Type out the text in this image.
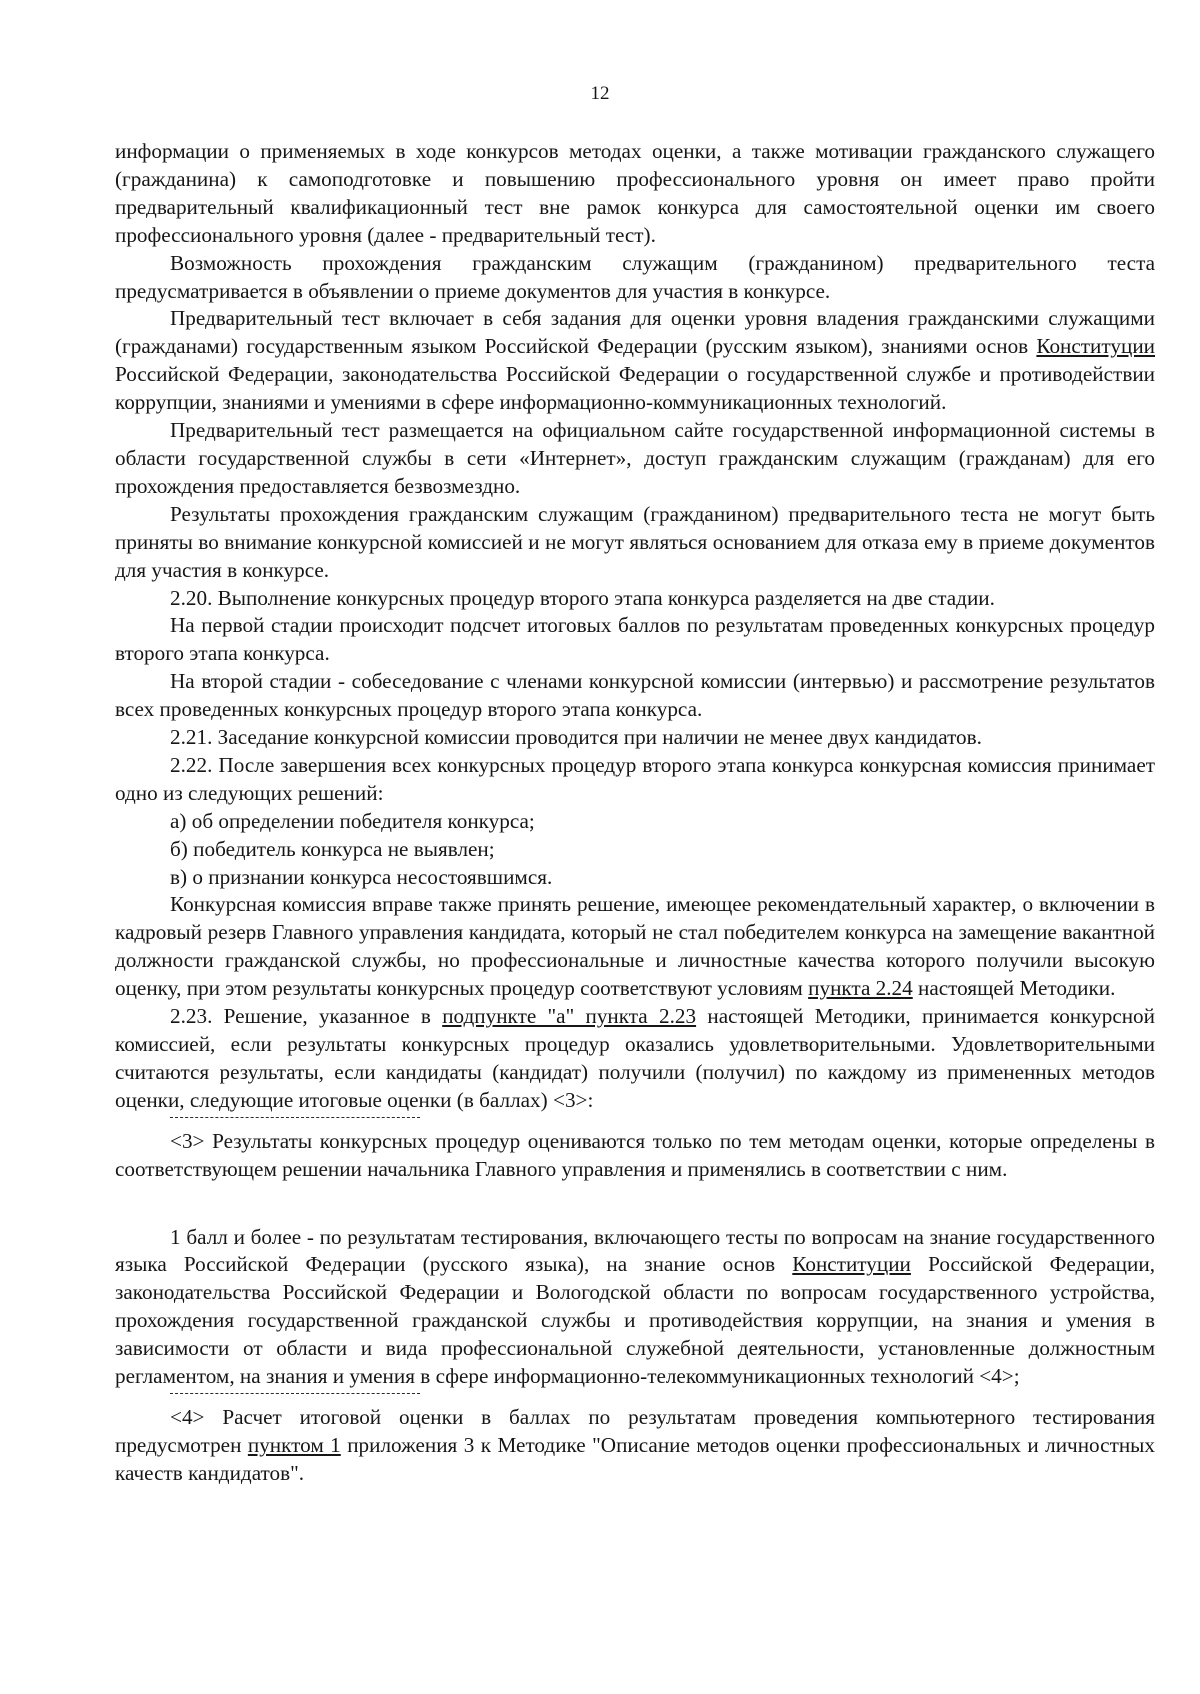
12

информации о применяемых в ходе конкурсов методах оценки, а также мотивации гражданского служащего (гражданина) к самоподготовке и повышению профессионального уровня он имеет право пройти предварительный квалификационный тест вне рамок конкурса для самостоятельной оценки им своего профессионального уровня (далее - предварительный тест).

Возможность прохождения гражданским служащим (гражданином) предварительного теста предусматривается в объявлении о приеме документов для участия в конкурсе.

Предварительный тест включает в себя задания для оценки уровня владения гражданскими служащими (гражданами) государственным языком Российской Федерации (русским языком), знаниями основ Конституции Российской Федерации, законодательства Российской Федерации о государственной службе и противодействии коррупции, знаниями и умениями в сфере информационно-коммуникационных технологий.

Предварительный тест размещается на официальном сайте государственной информационной системы в области государственной службы в сети «Интернет», доступ гражданским служащим (гражданам) для его прохождения предоставляется безвозмездно.

Результаты прохождения гражданским служащим (гражданином) предварительного теста не могут быть приняты во внимание конкурсной комиссией и не могут являться основанием для отказа ему в приеме документов для участия в конкурсе.

2.20. Выполнение конкурсных процедур второго этапа конкурса разделяется на две стадии.

На первой стадии происходит подсчет итоговых баллов по результатам проведенных конкурсных процедур второго этапа конкурса.

На второй стадии - собеседование с членами конкурсной комиссии (интервью) и рассмотрение результатов всех проведенных конкурсных процедур второго этапа конкурса.

2.21. Заседание конкурсной комиссии проводится при наличии не менее двух кандидатов.

2.22. После завершения всех конкурсных процедур второго этапа конкурса конкурсная комиссия принимает одно из следующих решений:

а) об определении победителя конкурса;

б) победитель конкурса не выявлен;

в) о признании конкурса несостоявшимся.

Конкурсная комиссия вправе также принять решение, имеющее рекомендательный характер, о включении в кадровый резерв Главного управления кандидата, который не стал победителем конкурса на замещение вакантной должности гражданской службы, но профессиональные и личностные качества которого получили высокую оценку, при этом результаты конкурсных процедур соответствуют условиям пункта 2.24 настоящей Методики.

2.23. Решение, указанное в подпункте "а" пункта 2.23 настоящей Методики, принимается конкурсной комиссией, если результаты конкурсных процедур оказались удовлетворительными. Удовлетворительными считаются результаты, если кандидаты (кандидат) получили (получил) по каждому из примененных методов оценки, следующие итоговые оценки (в баллах) <3>:

<3> Результаты конкурсных процедур оцениваются только по тем методам оценки, которые определены в соответствующем решении начальника Главного управления и применялись в соответствии с ним.

1 балл и более - по результатам тестирования, включающего тесты по вопросам на знание государственного языка Российской Федерации (русского языка), на знание основ Конституции Российской Федерации, законодательства Российской Федерации и Вологодской области по вопросам государственного устройства, прохождения государственной гражданской службы и противодействия коррупции, на знания и умения в зависимости от области и вида профессиональной служебной деятельности, установленные должностным регламентом, на знания и умения в сфере информационно-телекоммуникационных технологий <4>;

<4> Расчет итоговой оценки в баллах по результатам проведения компьютерного тестирования предусмотрен пунктом 1 приложения 3 к Методике "Описание методов оценки профессиональных и личностных качеств кандидатов".
